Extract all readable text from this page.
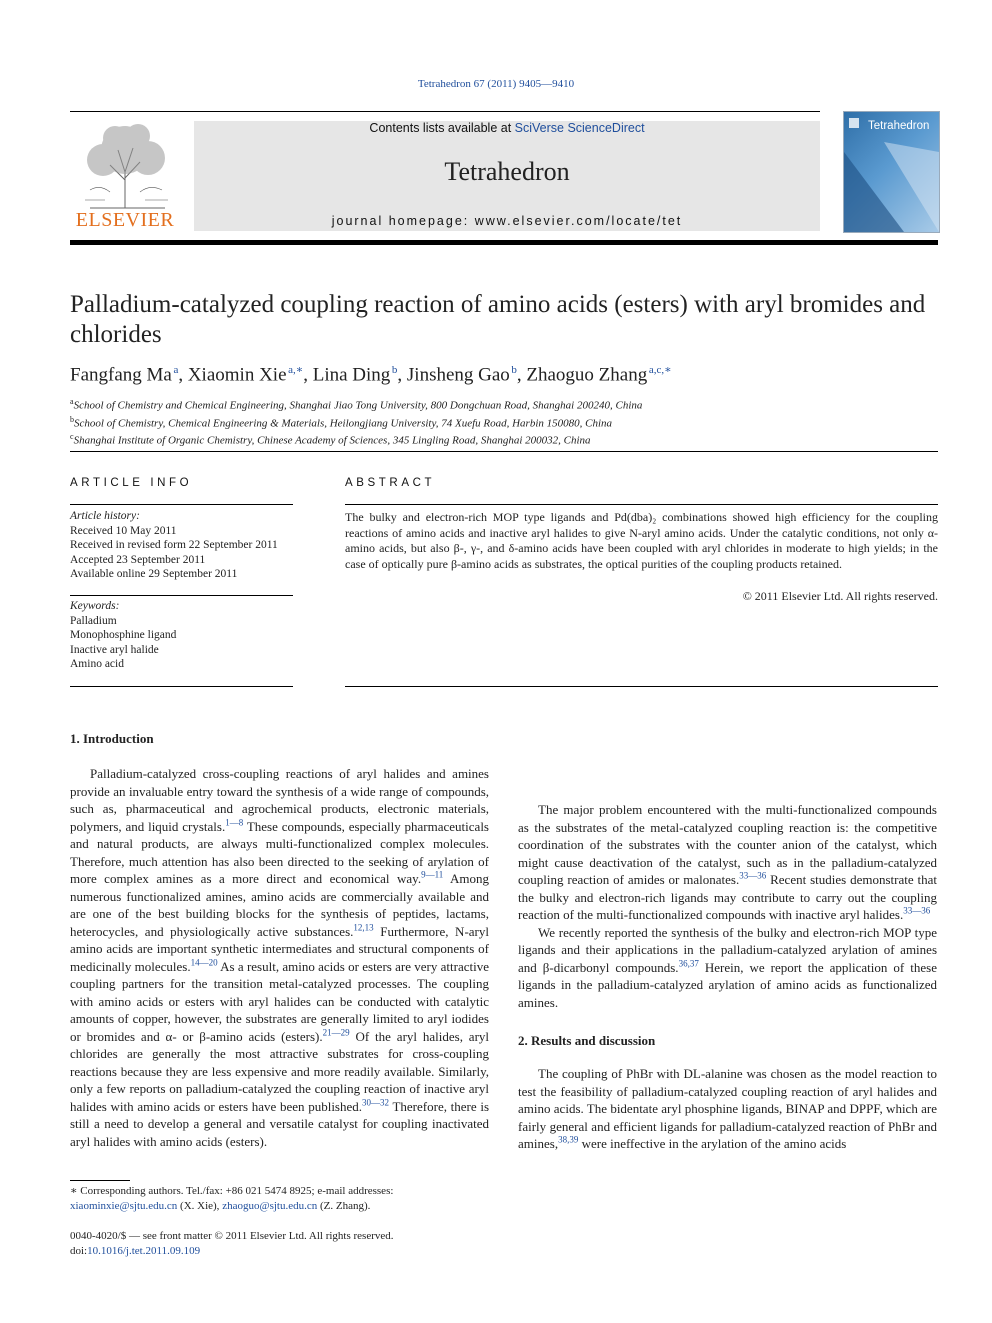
Tetrahedron 67 (2011) 9405—9410
ELSEVIER
Contents lists available at SciVerse ScienceDirect
Tetrahedron
journal homepage: www.elsevier.com/locate/tet
Tetrahedron
Palladium-catalyzed coupling reaction of amino acids (esters) with aryl bromides and chlorides
Fangfang Ma  $^a$, Xiaomin Xie  $^{a,∗}$, Lina Ding  $^b$, Jinsheng Gao  $^b$, Zhaoguo Zhang  $^{a,c,∗}$
$^a$School of Chemistry and Chemical Engineering, Shanghai Jiao Tong University, 800 Dongchuan Road, Shanghai 200240, China
$^b$School of Chemistry, Chemical Engineering & Materials, Heilongjiang University, 74 Xuefu Road, Harbin 150080, China
$^c$Shanghai Institute of Organic Chemistry, Chinese Academy of Sciences, 345 Lingling Road, Shanghai 200032, China
ARTICLE INFO	ABSTRACT
Article history:
Received 10 May 2011
Received in revised form 22 September 2011
Accepted 23 September 2011
Available online 29 September 2011
Keywords:
Palladium
Monophosphine ligand
Inactive aryl halide
Amino acid
The bulky and electron-rich MOP type ligands and Pd(dba)₂ combinations showed high efficiency for the coupling reactions of amino acids and inactive aryl halides to give N-aryl amino acids. Under the catalytic conditions, not only α-amino acids, but also β-, γ-, and δ-amino acids have been coupled with aryl chlorides in moderate to high yields; in the case of optically pure β-amino acids as substrates, the optical purities of the coupling products retained.
© 2011 Elsevier Ltd. All rights reserved.
1. Introduction

Palladium-catalyzed cross-coupling reactions of aryl halides and amines provide an invaluable entry toward the synthesis of a wide range of compounds, such as, pharmaceutical and agrochemical products, electronic materials, polymers, and liquid crystals.$^{1—8}$ These compounds, especially pharmaceuticals and natural products, are always multi-functionalized complex molecules. Therefore, much attention has also been directed to the seeking of arylation of more complex amines as a more direct and economical way.$^{9—11}$ Among numerous functionalized amines, amino acids are commercially available and are one of the best building blocks for the synthesis of peptides, lactams, heterocycles, and physiologically active substances.$^{12,13}$ Furthermore, N-aryl amino acids are important synthetic intermediates and structural components of medicinally molecules.$^{14—20}$ As a result, amino acids or esters are very attractive coupling partners for the transition metal-catalyzed processes. The coupling with amino acids or esters with aryl halides can be conducted with catalytic amounts of copper, however, the substrates are generally limited to aryl iodides or bromides and α- or β-amino acids (esters).$^{21—29}$ Of the aryl halides, aryl chlorides are generally the most attractive substrates for cross-coupling reactions because they are less expensive and more readily available. Similarly, only a few reports on palladium-catalyzed the coupling reaction of inactive aryl halides with amino acids or esters have been published.$^{30—32}$ Therefore, there is still a need to develop a general and versatile catalyst for coupling inactivated aryl halides with amino acids (esters).

The major problem encountered with the multi-functionalized compounds as the substrates of the metal-catalyzed coupling reaction is: the competitive coordination of the substrates with the counter anion of the catalyst, which might cause deactivation of the catalyst, such as in the palladium-catalyzed coupling reaction of amides or malonates.$^{33—36}$ Recent studies demonstrate that the bulky and electron-rich ligands may contribute to carry out the coupling reaction of the multi-functionalized compounds with inactive aryl halides.$^{33—36}$

We recently reported the synthesis of the bulky and electron-rich MOP type ligands and their applications in the palladium-catalyzed arylation of amines and β-dicarbonyl compounds.$^{36,37}$ Herein, we report the application of these ligands in the palladium-catalyzed arylation of amino acids as functionalized amines.

2. Results and discussion

The coupling of PhBr with DL-alanine was chosen as the model reaction to test the feasibility of palladium-catalyzed coupling reaction of aryl halides and amino acids. The bidentate aryl phosphine ligands, BINAP and DPPF, which are fairly general and efficient ligands for palladium-catalyzed reaction of PhBr and amines,$^{38,39}$ were ineffective in the arylation of the amino acids

∗ Corresponding authors. Tel./fax: +86 021 5474 8925; e-mail addresses: xiaominxie@sjtu.edu.cn (X. Xie), zhaoguo@sjtu.edu.cn (Z. Zhang).
0040-4020/$ — see front matter © 2011 Elsevier Ltd. All rights reserved.
doi:10.1016/j.tet.2011.09.109
